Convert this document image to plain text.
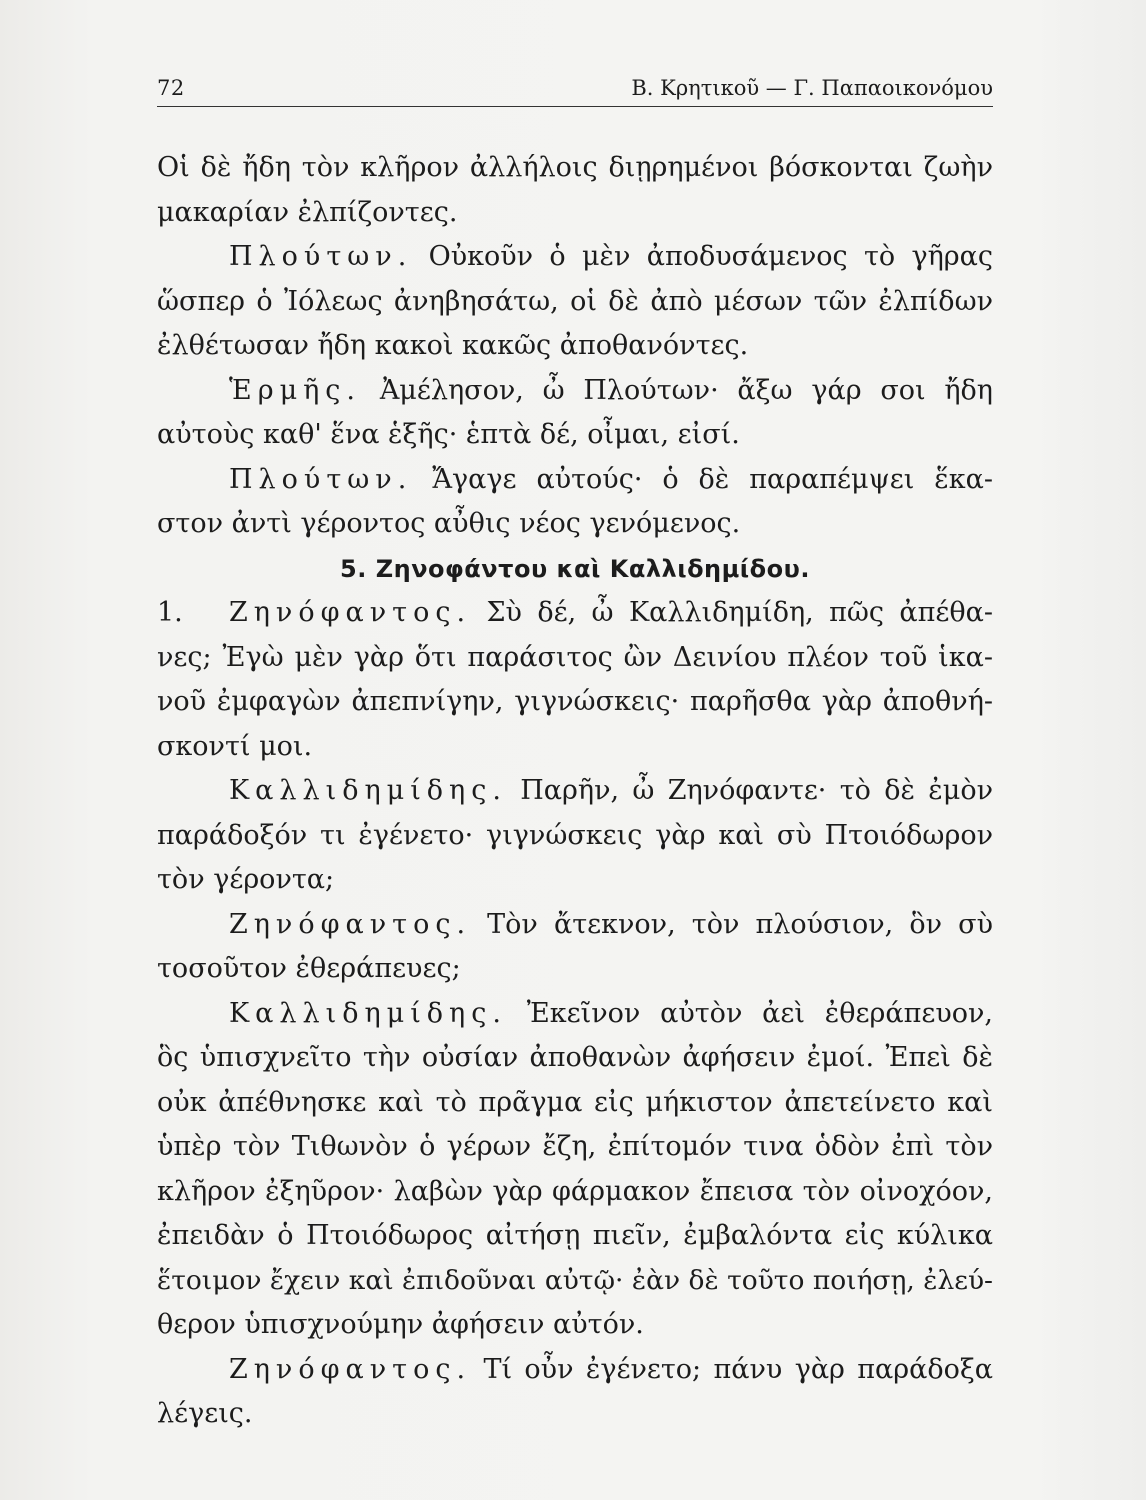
72	Β. Κρητικοῦ — Γ. Παπαοικονόμου
Οἱ δὲ ἤδη τὸν κλῆρον ἀλλήλοις διῃρημένοι βόσκονται ζωὴν
μακαρίαν ἐλπίζοντες.
Πλούτων. Οὐκοῦν ὁ μὲν ἀποδυσάμενος τὸ γῆρας
ὥσπερ ὁ Ἰόλεως ἀνηβησάτω, οἱ δὲ ἀπὸ μέσων τῶν ἐλπίδων
ἐλθέτωσαν ἤδη κακοὶ κακῶς ἀποθανόντες.
Ἑρμῆς. Ἀμέλησον, ὦ Πλούτων· ἄξω γάρ σοι ἤδη
αὐτοὺς καθ' ἕνα ἑξῆς· ἑπτὰ δέ, οἶμαι, εἰσί.
Πλούτων. Ἄγαγε αὐτούς· ὁ δὲ παραπέμψει ἕκα-
στον ἀντὶ γέροντος αὖθις νέος γενόμενος.
5. Ζηνοφάντου καὶ Καλλιδημίδου.
1. Ζηνόφαντος. Σὺ δέ, ὦ Καλλιδημίδη, πῶς ἀπέθα-
νες; Ἐγὼ μὲν γὰρ ὅτι παράσιτος ὢν Δεινίου πλέον τοῦ ἱκα-
νοῦ ἐμφαγὼν ἀπεπνίγην, γιγνώσκεις· παρῆσθα γὰρ ἀποθνή-
σκοντί μοι.
Καλλιδημίδης. Παρῆν, ὦ Ζηνόφαντε· τὸ δὲ ἐμὸν
παράδοξόν τι ἐγένετο· γιγνώσκεις γὰρ καὶ σὺ Πτοιόδωρον
τὸν γέροντα;
Ζηνόφαντος. Τὸν ἄτεκνον, τὸν πλούσιον, ὃν σὺ
τοσοῦτον ἐθεράπευες;
Καλλιδημίδης. Ἐκεῖνον αὐτὸν ἀεὶ ἐθεράπευον,
ὃς ὑπισχνεῖτο τὴν οὐσίαν ἀποθανὼν ἀφήσειν ἐμοί. Ἐπεὶ δὲ
οὐκ ἀπέθνησκε καὶ τὸ πρᾶγμα εἰς μήκιστον ἀπετείνετο καὶ
ὑπὲρ τὸν Τιθωνὸν ὁ γέρων ἔζη, ἐπίτομόν τινα ὁδὸν ἐπὶ τὸν
κλῆρον ἐξηῦρον· λαβὼν γὰρ φάρμακον ἔπεισα τὸν οἰνοχόον,
ἐπειδὰν ὁ Πτοιόδωρος αἰτήσῃ πιεῖν, ἐμβαλόντα εἰς κύλικα
ἕτοιμον ἔχειν καὶ ἐπιδοῦναι αὐτῷ· ἐὰν δὲ τοῦτο ποιήσῃ, ἐλεύ-
θερον ὑπισχνούμην ἀφήσειν αὐτόν.
Ζηνόφαντος. Τί οὖν ἐγένετο; πάνυ γὰρ παράδοξα
λέγεις.
